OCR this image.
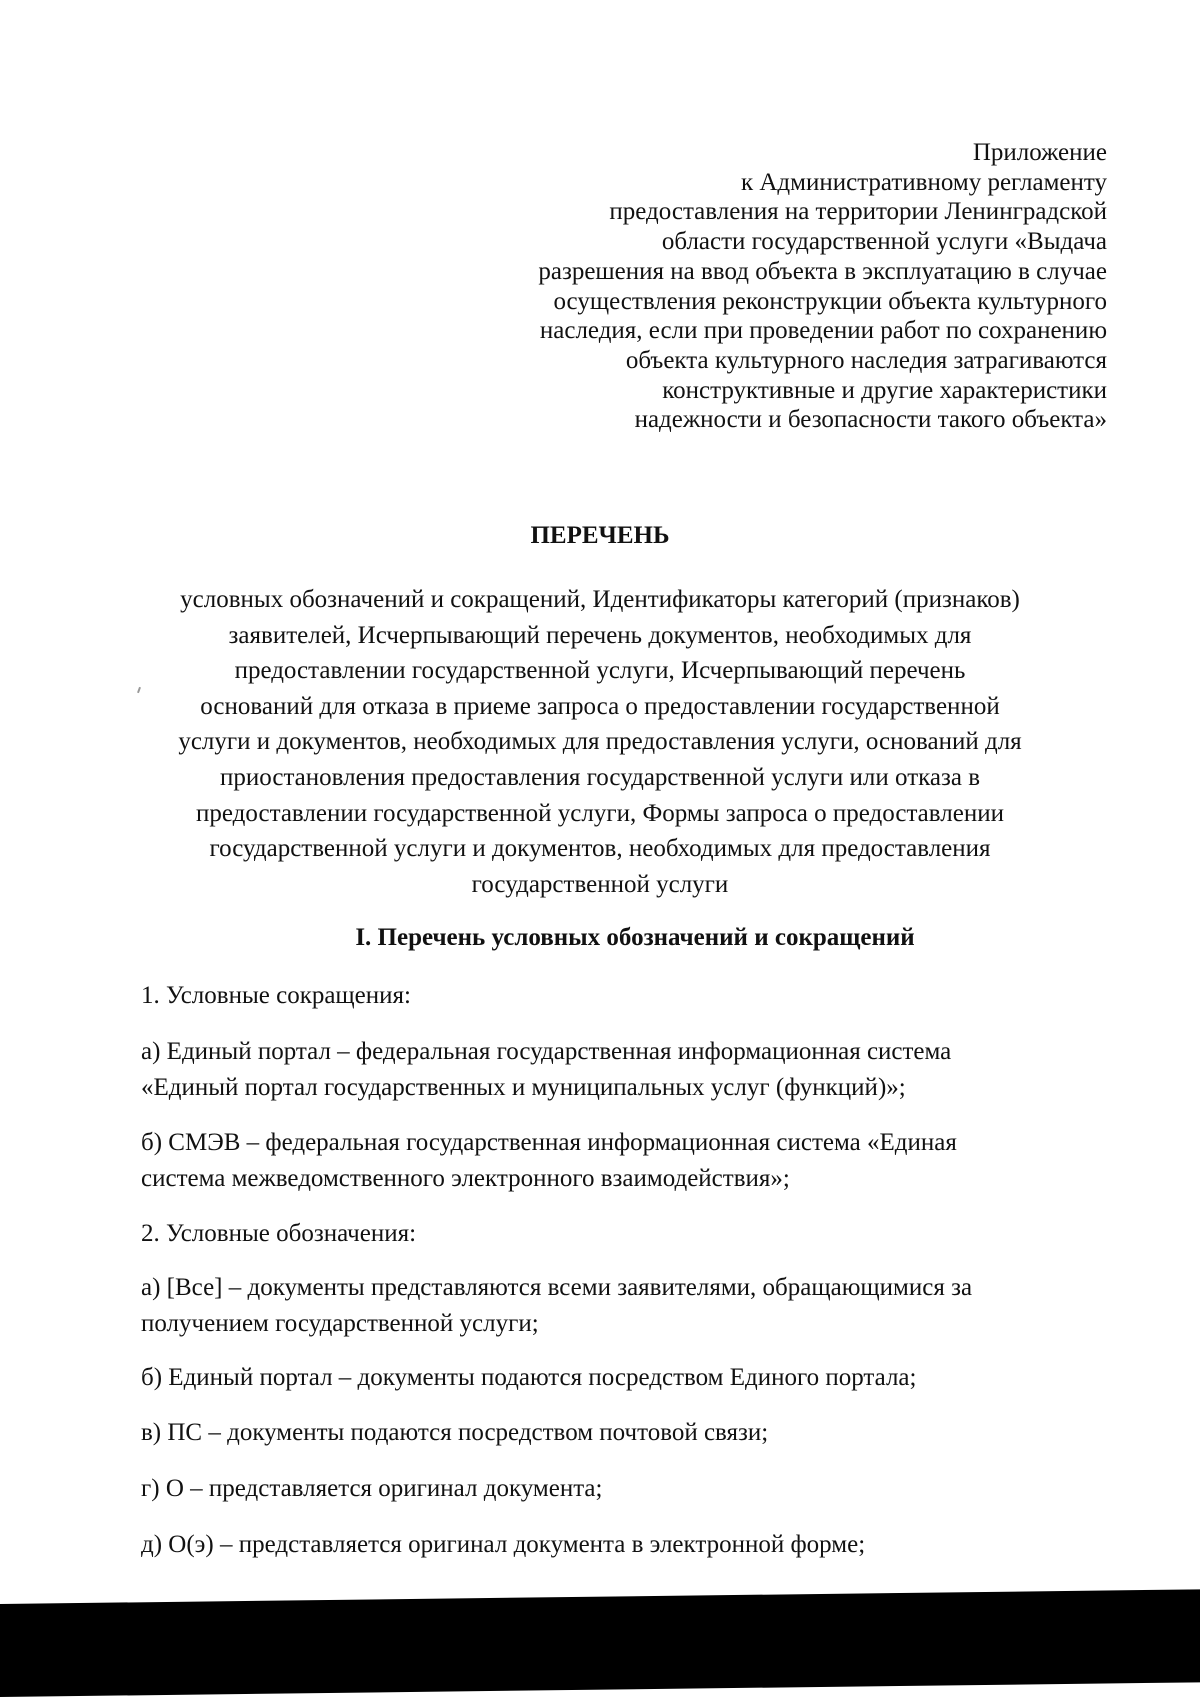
Приложение
к Административному регламенту
предоставления на территории Ленинградской
области государственной услуги «Выдача
разрешения на ввод объекта в эксплуатацию в случае
осуществления реконструкции объекта культурного
наследия, если при проведении работ по сохранению
объекта культурного наследия затрагиваются
конструктивные и другие характеристики
надежности и безопасности такого объекта»
ПЕРЕЧЕНЬ
условных обозначений и сокращений, Идентификаторы категорий (признаков)
заявителей, Исчерпывающий перечень документов, необходимых для
предоставлении государственной услуги, Исчерпывающий перечень
оснований для отказа в приеме запроса о предоставлении государственной
услуги и документов, необходимых для предоставления услуги, оснований для
приостановления предоставления государственной услуги или отказа в
предоставлении государственной услуги, Формы запроса о предоставлении
государственной услуги и документов, необходимых для предоставления
государственной услуги
I. Перечень условных обозначений и сокращений
1. Условные сокращения:
а) Единый портал – федеральная государственная информационная система
«Единый портал государственных и муниципальных услуг (функций)»;
б) СМЭВ – федеральная государственная информационная система «Единая
система межведомственного электронного взаимодействия»;
2. Условные обозначения:
а) [Все] – документы представляются всеми заявителями, обращающимися за
получением государственной услуги;
б) Единый портал – документы подаются посредством Единого портала;
в) ПС – документы подаются посредством почтовой связи;
г) О – представляется оригинал документа;
д) О(э) – представляется оригинал документа в электронной форме;
